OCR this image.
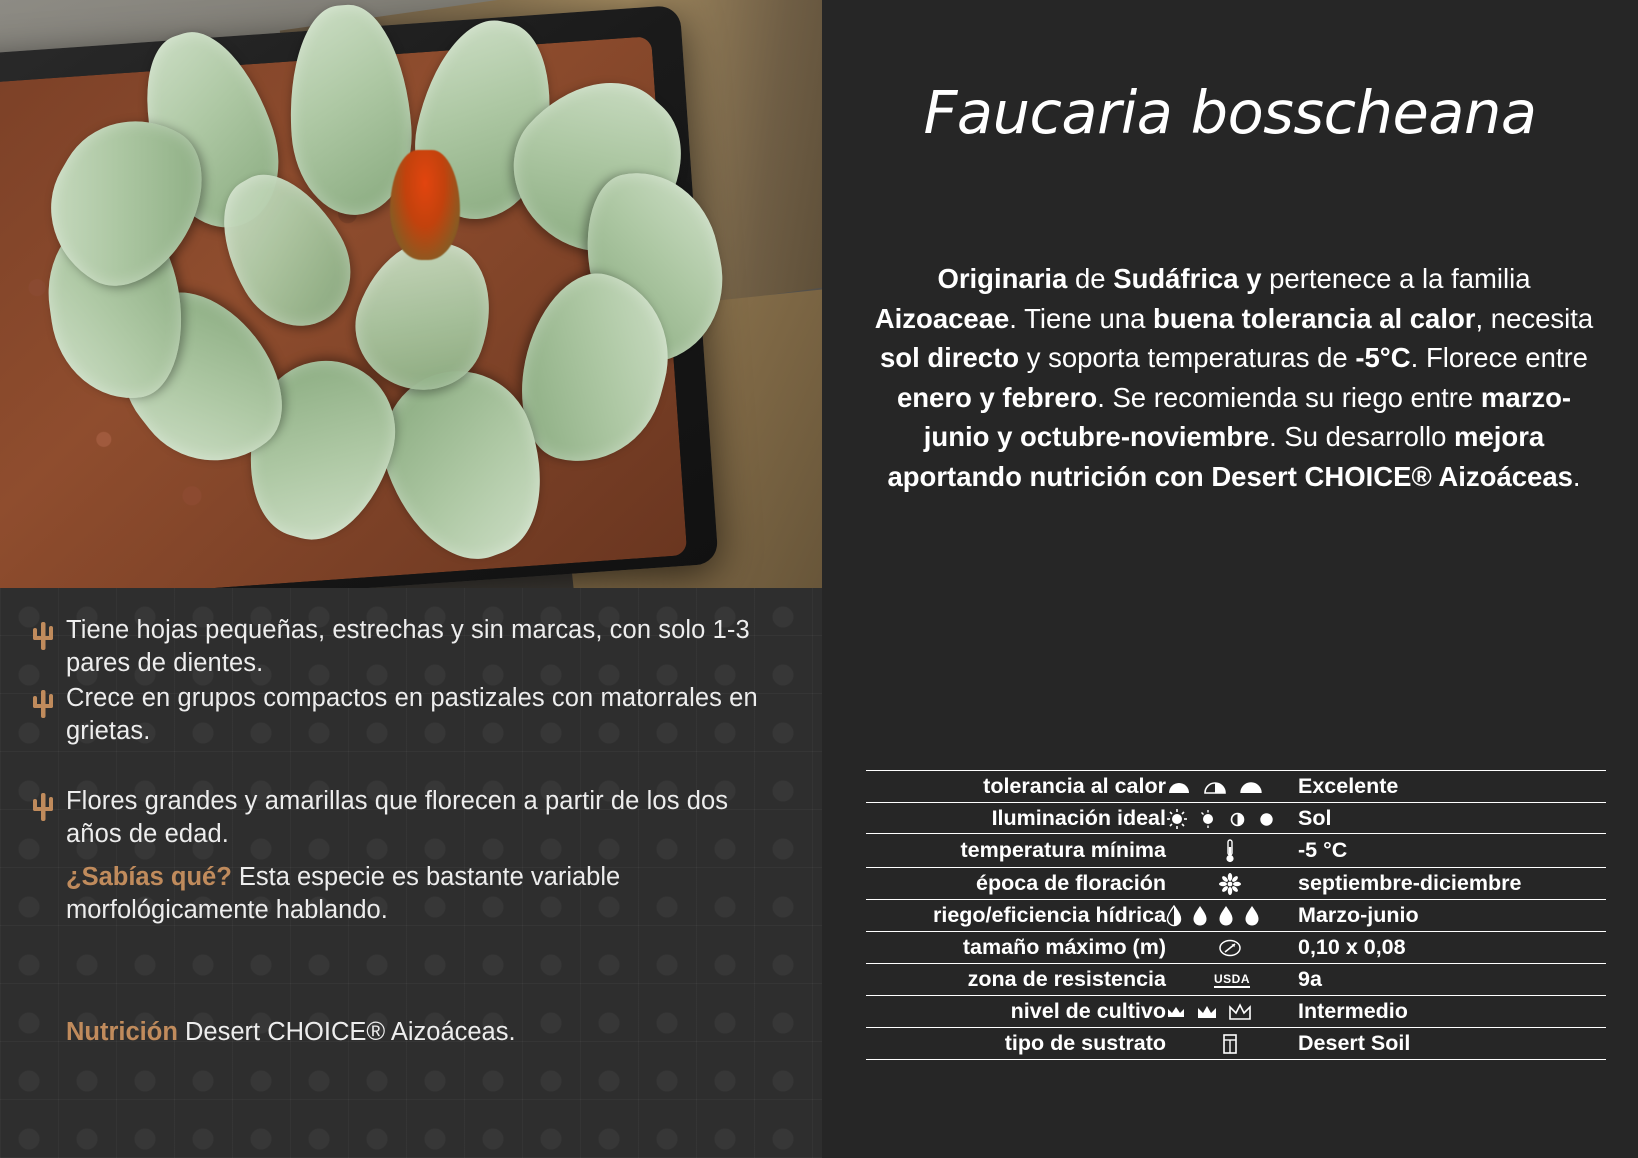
Tiene hojas pequeñas, estrechas y sin marcas, con solo 1-3 pares de dientes.
Crece en grupos compactos en pastizales con matorrales en grietas.
Flores grandes y amarillas que florecen a partir de los dos años de edad.
¿Sabías qué? Esta especie es bastante variable morfológicamente hablando.
Nutrición Desert CHOICE® Aizoáceas.
Faucaria bosscheana
Originaria de Sudáfrica y pertenece a la familia Aizoaceae. Tiene una buena tolerancia al calor, necesita sol directo y soporta temperaturas de -5°C. Florece entre enero y febrero. Se recomienda su riego entre marzo-junio y octubre-noviembre. Su desarrollo mejora aportando nutrición con Desert CHOICE® Aizoáceas.
tolerancia al calor		Excelente
Iluminación ideal		Sol
temperatura mínima		-5 °C
época de floración		septiembre-diciembre
riego/eficiencia hídrica		Marzo-junio
tamaño máximo (m)		0,10 x 0,08
zona de resistencia	USDA	9a
nivel de cultivo		Intermedio
tipo de sustrato		Desert Soil
